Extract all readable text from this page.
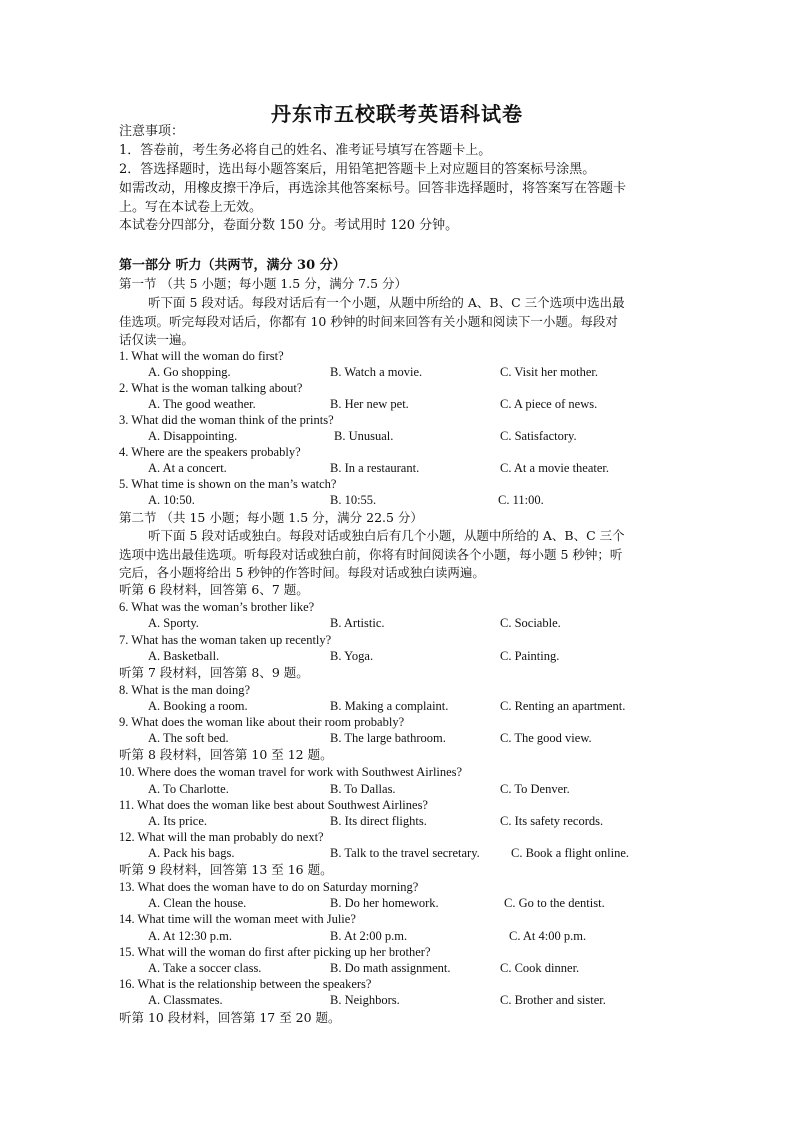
丹东市五校联考英语科试卷
注意事项：
1．答卷前，考生务必将自己的姓名、准考证号填写在答题卡上。
2．答选择题时，选出每小题答案后，用铅笔把答题卡上对应题目的答案标号涂黑。
如需改动，用橡皮擦干净后，再选涂其他答案标号。回答非选择题时，将答案写在答题卡
上。写在本试卷上无效。
本试卷分四部分，卷面分数 150 分。考试用时 120 分钟。
第一部分 听力（共两节，满分 30 分）
第一节 （共 5 小题；每小题 1.5 分，满分 7.5 分）
听下面 5 段对话。每段对话后有一个小题，从题中所给的 A、B、C 三个选项中选出最
佳选项。听完每段对话后，你都有 10 秒钟的时间来回答有关小题和阅读下一小题。每段对
话仅读一遍。
1. What will the woman do first?
A. Go shopping.	B. Watch a movie.	C. Visit her mother.
2. What is the woman talking about?
A. The good weather.	B. Her new pet.	C. A piece of news.
3. What did the woman think of the prints?
A. Disappointing.	B. Unusual.	C. Satisfactory.
4. Where are the speakers probably?
A. At a concert.	B. In a restaurant.	C. At a movie theater.
5. What time is shown on the man’s watch?
A. 10:50.	B. 10:55.	C. 11:00.
第二节 （共 15 小题；每小题 1.5 分，满分 22.5 分）
听下面 5 段对话或独白。每段对话或独白后有几个小题，从题中所给的 A、B、C 三个
选项中选出最佳选项。听每段对话或独白前，你将有时间阅读各个小题，每小题 5 秒钟；听
完后，各小题将给出 5 秒钟的作答时间。每段对话或独白读两遍。
听第 6 段材料，回答第 6、7 题。
6. What was the woman’s brother like?
A. Sporty.	B. Artistic.	C. Sociable.
7. What has the woman taken up recently?
A. Basketball.	B. Yoga.	C. Painting.
听第 7 段材料，回答第 8、9 题。
8. What is the man doing?
A. Booking a room.	B. Making a complaint.	C. Renting an apartment.
9. What does the woman like about their room probably?
A. The soft bed.	B. The large bathroom.	C. The good view.
听第 8 段材料，回答第 10 至 12 题。
10. Where does the woman travel for work with Southwest Airlines?
A. To Charlotte.	B. To Dallas.	C. To Denver.
11. What does the woman like best about Southwest Airlines?
A. Its price.	B. Its direct flights.	C. Its safety records.
12. What will the man probably do next?
A. Pack his bags.	B. Talk to the travel secretary. C. Book a flight online.
听第 9 段材料，回答第 13 至 16 题。
13. What does the woman have to do on Saturday morning?
A. Clean the house.	B. Do her homework.	C. Go to the dentist.
14. What time will the woman meet with Julie?
A. At 12:30 p.m.	B. At 2:00 p.m.	C. At 4:00 p.m.
15. What will the woman do first after picking up her brother?
A. Take a soccer class.	B. Do math assignment.	C. Cook dinner.
16. What is the relationship between the speakers?
A. Classmates.	B. Neighbors.	C. Brother and sister.
听第 10 段材料，回答第 17 至 20 题。
